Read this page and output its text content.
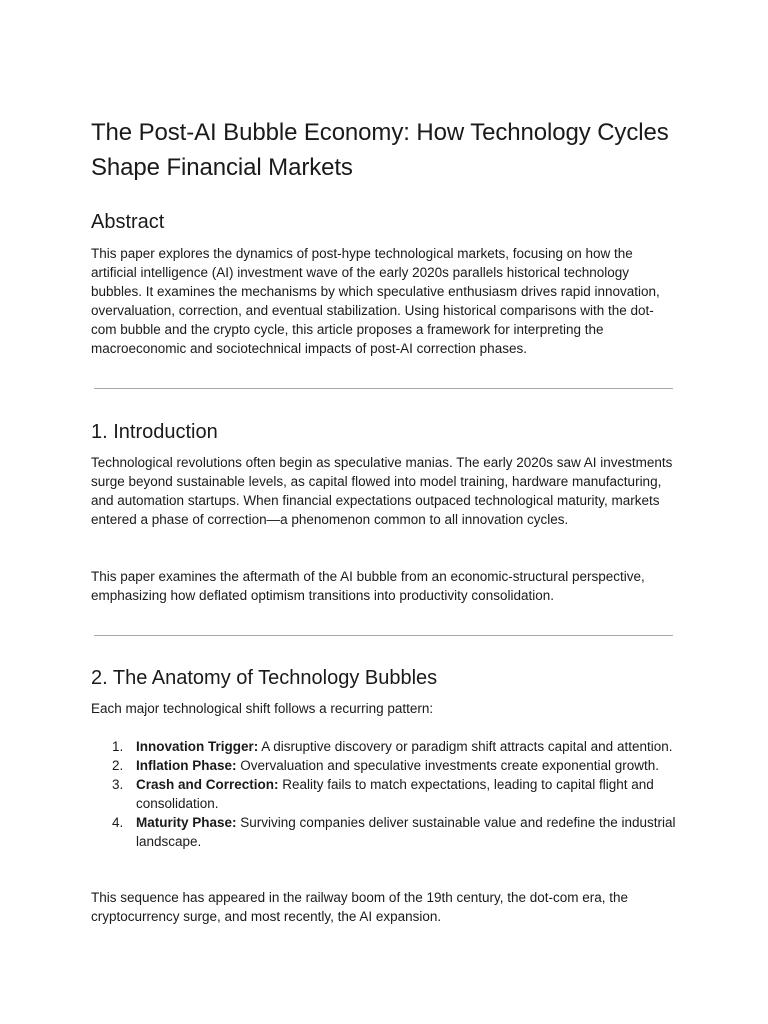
The Post-AI Bubble Economy: How Technology Cycles Shape Financial Markets
Abstract

This paper explores the dynamics of post-hype technological markets, focusing on how the artificial intelligence (AI) investment wave of the early 2020s parallels historical technology bubbles. It examines the mechanisms by which speculative enthusiasm drives rapid innovation, overvaluation, correction, and eventual stabilization. Using historical comparisons with the dot-com bubble and the crypto cycle, this article proposes a framework for interpreting the macroeconomic and sociotechnical impacts of post-AI correction phases.

1. Introduction

Technological revolutions often begin as speculative manias. The early 2020s saw AI investments surge beyond sustainable levels, as capital flowed into model training, hardware manufacturing, and automation startups. When financial expectations outpaced technological maturity, markets entered a phase of correction—a phenomenon common to all innovation cycles.

This paper examines the aftermath of the AI bubble from an economic-structural perspective, emphasizing how deflated optimism transitions into productivity consolidation.

2. The Anatomy of Technology Bubbles

Each major technological shift follows a recurring pattern:

1. Innovation Trigger: A disruptive discovery or paradigm shift attracts capital and attention.
2. Inflation Phase: Overvaluation and speculative investments create exponential growth.
3. Crash and Correction: Reality fails to match expectations, leading to capital flight and consolidation.
4. Maturity Phase: Surviving companies deliver sustainable value and redefine the industrial landscape.

This sequence has appeared in the railway boom of the 19th century, the dot-com era, the cryptocurrency surge, and most recently, the AI expansion.
